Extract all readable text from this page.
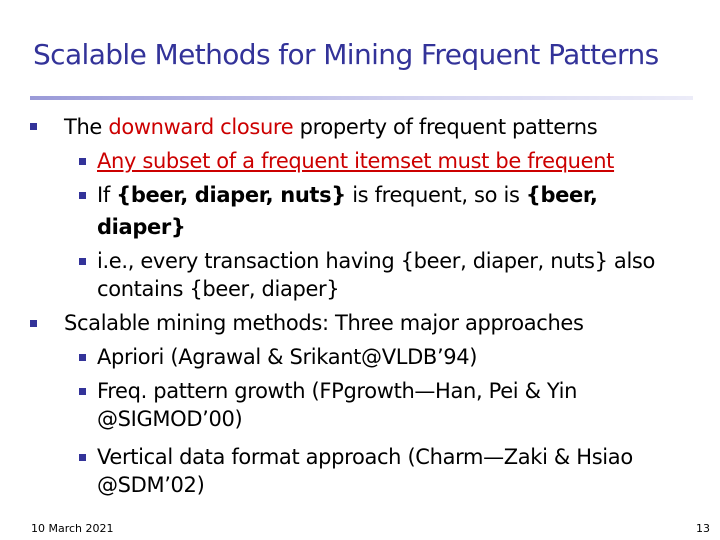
Scalable Methods for Mining Frequent Patterns
The downward closure property of frequent patterns
Any subset of a frequent itemset must be frequent
If {beer, diaper, nuts} is frequent, so is {beer,
diaper}
i.e., every transaction having {beer, diaper, nuts} also
contains {beer, diaper}
Scalable mining methods: Three major approaches
Apriori (Agrawal & Srikant@VLDB’94)
Freq. pattern growth (FPgrowth—Han, Pei & Yin
@SIGMOD’00)
Vertical data format approach (Charm—Zaki & Hsiao
@SDM’02)
10 March 2021	13
